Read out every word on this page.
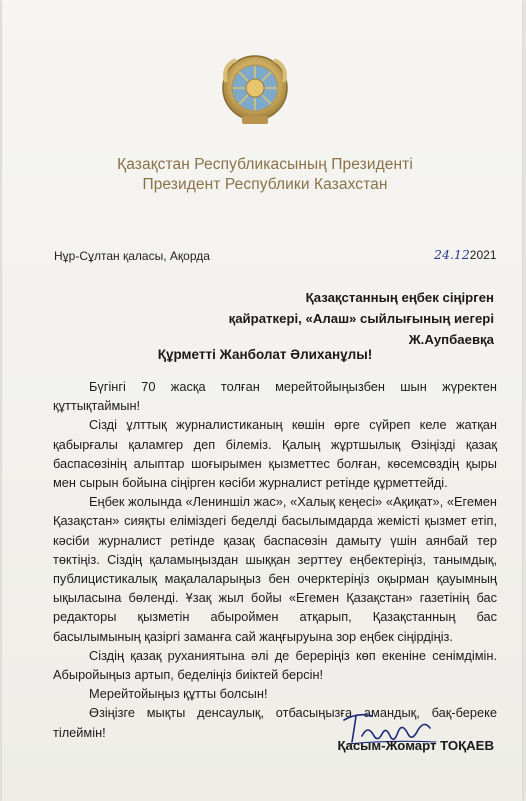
Қазақстан Республикасының Президенті
Президент Республики Казахстан
Нұр-Сұлтан қаласы, Ақорда	24.122021
Қазақстанның еңбек сіңірген
қайраткері, «Алаш» сыйлығының иегері
Ж.Аупбаевқа
Құрметті Жанболат Әлиханұлы!

Бүгінгі 70 жасқа толған мерейтойыңызбен шын жүректен құттықтаймын!

Сізді ұлттық журналистиканың көшін өрге сүйреп келе жатқан қабырғалы қаламгер деп білеміз. Қалың жұртшылық Өзіңізді қазақ баспасөзінің алыптар шоғырымен қызметтес болған, көсемсөздің қыры мен сырын бойына сіңірген кәсіби журналист ретінде құрметтейді.

Еңбек жолында «Лениншіл жас», «Халық кеңесі» «Ақиқат», «Егемен Қазақстан» сияқты еліміздегі беделді басылымдарда жемісті қызмет етіп, кәсіби журналист ретінде қазақ баспасөзін дамыту үшін аянбай тер төктіңіз. Сіздің қаламыңыздан шыққан зерттеу еңбектеріңіз, танымдық, публицистикалық мақалаларыңыз бен очерктеріңіз оқырман қауымның ықыласына бөленді. Ұзақ жыл бойы «Егемен Қазақстан» газетінің бас редакторы қызметін абыроймен атқарып, Қазақстанның бас басылымының қазіргі заманға сай жаңғыруына зор еңбек сіңірдіңіз.

Сіздің қазақ руханиятына әлі де берерiңiз көп екеніне сенімдімін. Абыройыңыз артып, беделіңіз биіктей берсін!

Мерейтойыңыз құтты болсын!

Өзіңізге мықты денсаулық, отбасыңызға амандық, бақ-береке тілеймін!

Қасым-Жомарт ТОҚАЕВ
